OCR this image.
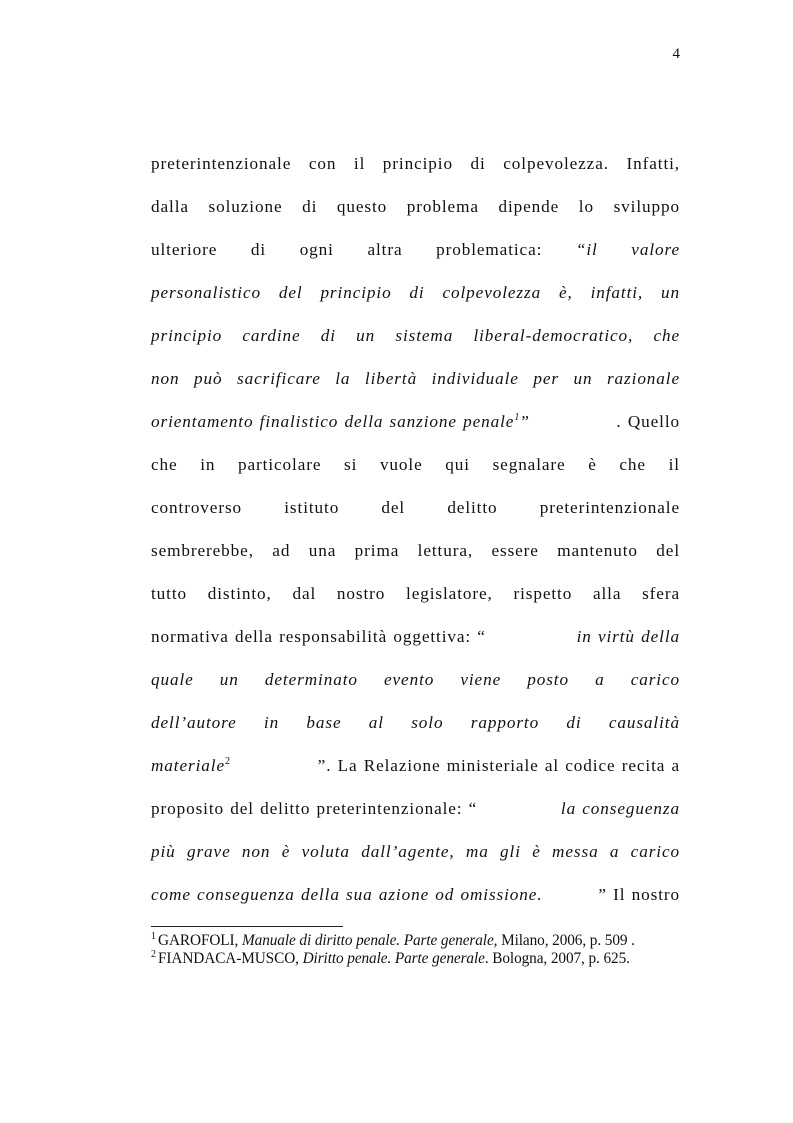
4
preterintenzionale con il principio di colpevolezza. Infatti,
dalla soluzione di questo problema dipende lo sviluppo
ulteriore di ogni altra problematica: “il valore
personalistico del principio di colpevolezza è, infatti, un
principio cardine di un sistema liberal-democratico, che
non può sacrificare la libertà individuale per un razionale
orientamento finalistico della sanzione penale$^1$”	. Quello
che in particolare si vuole qui segnalare è che il
controverso istituto del delitto preterintenzionale
sembrerebbe, ad una prima lettura, essere mantenuto del
tutto distinto, dal nostro legislatore, rispetto alla sfera
normativa della responsabilità oggettiva: “	in virtù della
quale un determinato evento viene posto a carico
dell’autore in base al solo rapporto di causalità
materiale$^2$	”. La Relazione ministeriale al codice recita a
proposito del delitto preterintenzionale: “	la conseguenza
più grave non è voluta dall’agente, ma gli è messa a carico
come conseguenza della sua azione od omissione.	” Il nostro
$^1$ GAROFOLI, Manuale di diritto penale. Parte generale, Milano, 2006, p. 509 .
$^2$ FIANDACA-MUSCO, Diritto penale. Parte generale. Bologna, 2007, p. 625.
